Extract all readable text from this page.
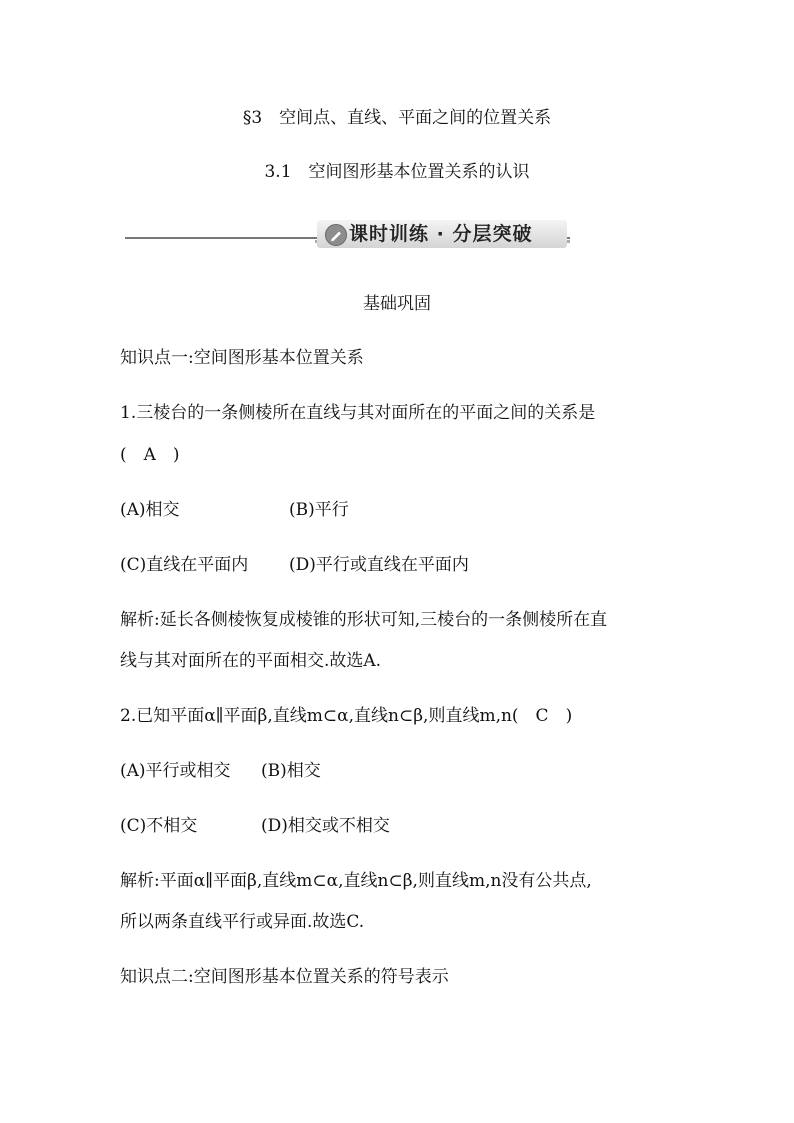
§3　空间点、直线、平面之间的位置关系
3.1　空间图形基本位置关系的认识
课时训练 · 分层突破
基础巩固
知识点一:空间图形基本位置关系
1.三棱台的一条侧棱所在直线与其对面所在的平面之间的关系是
(　A　)
(A)相交	(B)平行
(C)直线在平面内 (D)平行或直线在平面内
解析:延长各侧棱恢复成棱锥的形状可知,三棱台的一条侧棱所在直
线与其对面所在的平面相交.故选A.
2.已知平面α∥平面β,直线m⊂α,直线n⊂β,则直线m,n(　C　)
(A)平行或相交 (B)相交
(C)不相交	(D)相交或不相交
解析:平面α∥平面β,直线m⊂α,直线n⊂β,则直线m,n没有公共点,
所以两条直线平行或异面.故选C.
知识点二:空间图形基本位置关系的符号表示
